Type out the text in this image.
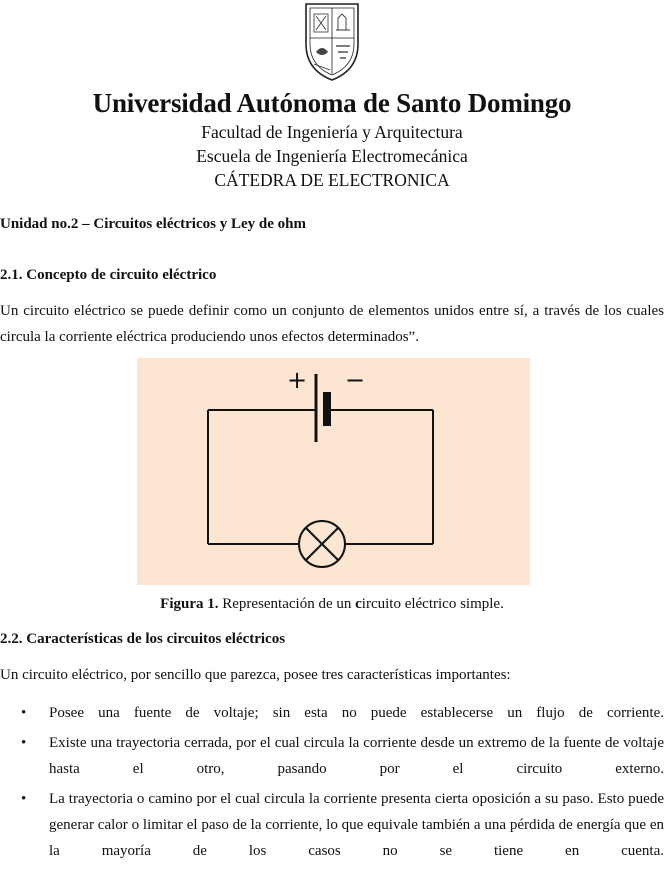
Universidad Autónoma de Santo Domingo
Facultad de Ingeniería y Arquitectura
Escuela de Ingeniería Electromecánica
CÁTEDRA DE ELECTRONICA
Unidad no.2 – Circuitos eléctricos y Ley de ohm
2.1. Concepto de circuito eléctrico
Un circuito eléctrico se puede definir como un conjunto de elementos unidos entre sí, a través de los cuales circula la corriente eléctrica produciendo unos efectos determinados”.
+ −
Figura 1. Representación de un circuito eléctrico simple.
2.2. Características de los circuitos eléctricos
Un circuito eléctrico, por sencillo que parezca, posee tres características importantes:
• Posee una fuente de voltaje; sin esta no puede establecerse un flujo de corriente.
• Existe una trayectoria cerrada, por el cual circula la corriente desde un extremo de la fuente de voltaje hasta el otro, pasando por el circuito externo.
• La trayectoria o camino por el cual circula la corriente presenta cierta oposición a su paso. Esto puede generar calor o limitar el paso de la corriente, lo que equivale también a una pérdida de energía que en la mayoría de los casos no se tiene en cuenta.
